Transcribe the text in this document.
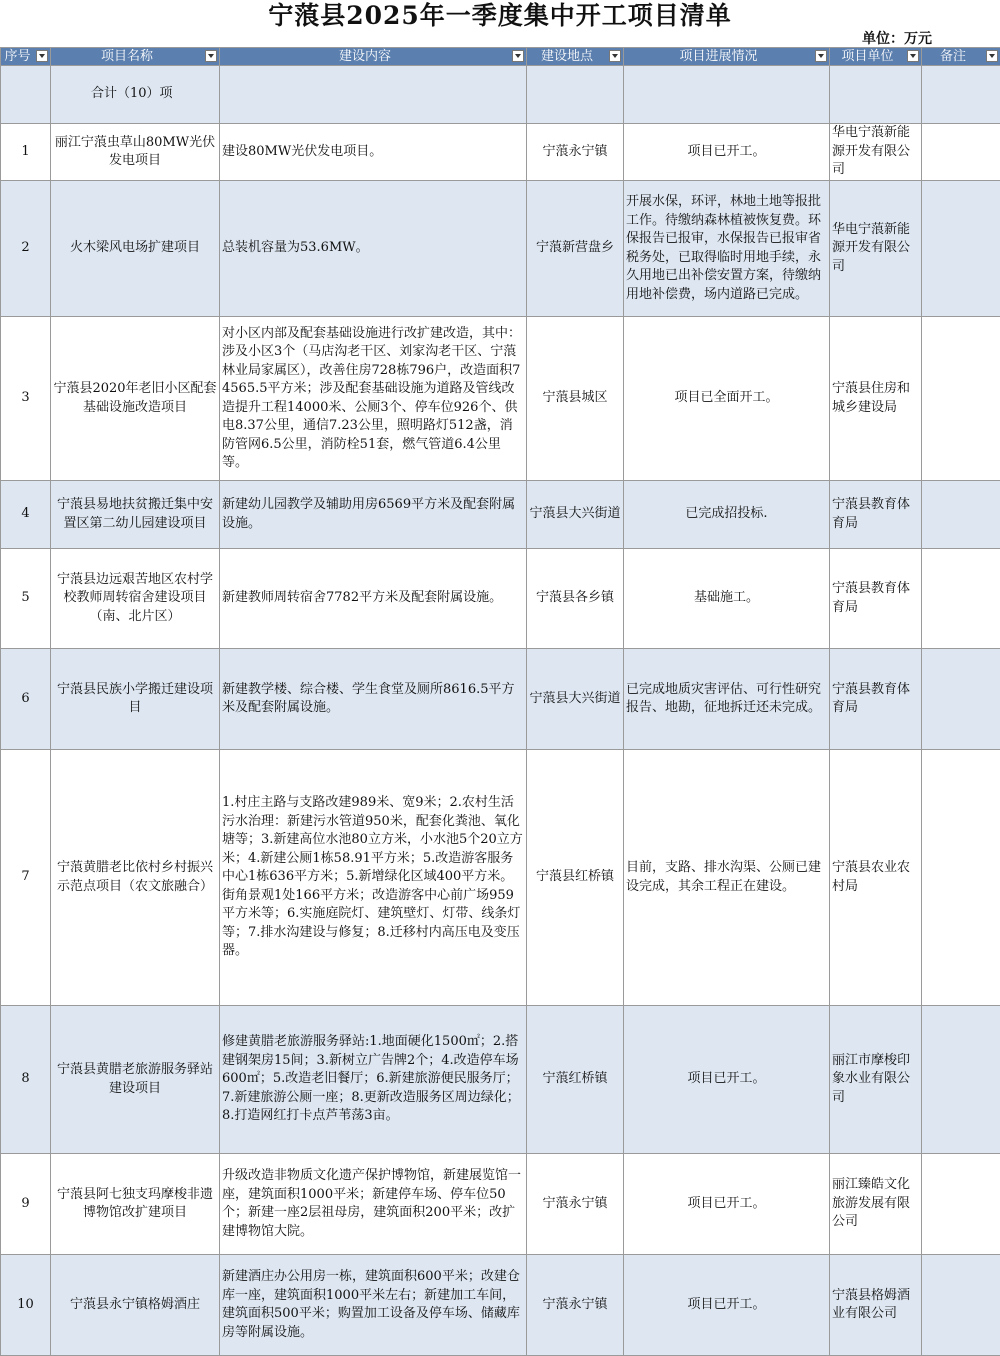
宁蒗县2025年一季度集中开工项目清单
单位：万元
序号	项目名称	建设内容	建设地点	项目进展情况	项目单位	备注

	合计（10）项					
1	丽江宁蒗虫草山80MW光伏发电项目	建设80MW光伏发电项目。	宁蒗永宁镇	项目已开工。	华电宁蒗新能源开发有限公司	
2	火木梁风电场扩建项目	总装机容量为53.6MW。	宁蒗新营盘乡	开展水保，环评，林地土地等报批工作。待缴纳森林植被恢复费。环保报告已报审，水保报告已报审省税务处，已取得临时用地手续，永久用地已出补偿安置方案，待缴纳用地补偿费，场内道路已完成。	华电宁蒗新能源开发有限公司	
3	宁蒗县2020年老旧小区配套基础设施改造项目	对小区内部及配套基础设施进行改扩建改造，其中：涉及小区3个（马店沟老干区、刘家沟老干区、宁蒗林业局家属区），改善住房728栋796户，改造面积74565.5平方米；涉及配套基础设施为道路及管线改造提升工程14000米、公厕3个、停车位926个、供电8.37公里，通信7.23公里，照明路灯512盏，消防管网6.5公里，消防栓51套，燃气管道6.4公里等。	宁蒗县城区	项目已全面开工。	宁蒗县住房和城乡建设局	
4	宁蒗县易地扶贫搬迁集中安置区第二幼儿园建设项目	新建幼儿园教学及辅助用房6569平方米及配套附属设施。	宁蒗县大兴街道	已完成招投标.	宁蒗县教育体育局	
5	宁蒗县边远艰苦地区农村学校教师周转宿舍建设项目（南、北片区）	新建教师周转宿舍7782平方米及配套附属设施。	宁蒗县各乡镇	基础施工。	宁蒗县教育体育局	
6	宁蒗县民族小学搬迁建设项目	新建教学楼、综合楼、学生食堂及厕所8616.5平方米及配套附属设施。	宁蒗县大兴街道	已完成地质灾害评估、可行性研究报告、地勘，征地拆迁还未完成。	宁蒗县教育体育局	
7	宁蒗黄腊老比依村乡村振兴示范点项目（农文旅融合）	1.村庄主路与支路改建989米、宽9米；2.农村生活污水治理：新建污水管道950米，配套化粪池、氧化塘等；3.新建高位水池80立方米，小水池5个20立方米；4.新建公厕1栋58.91平方米；5.改造游客服务中心1栋636平方米；5.新增绿化区域400平方米。街角景观1处166平方米；改造游客中心前广场959平方米等；6.实施庭院灯、建筑壁灯、灯带、线条灯等；7.排水沟建设与修复；8.迁移村内高压电及变压器。	宁蒗县红桥镇	目前，支路、排水沟渠、公厕已建设完成，其余工程正在建设。	宁蒗县农业农村局	
8	宁蒗县黄腊老旅游服务驿站建设项目	修建黄腊老旅游服务驿站:1.地面硬化1500㎡；2.搭建钢架房15间；3.新树立广告牌2个；4.改造停车场600㎡；5.改造老旧餐厅；6.新建旅游便民服务厅；7.新建旅游公厕一座；8.更新改造服务区周边绿化；8.打造网红打卡点芦苇荡3亩。	宁蒗红桥镇	项目已开工。	丽江市摩梭印象水业有限公司	
9	宁蒗县阿七独支玛摩梭非遗博物馆改扩建项目	升级改造非物质文化遗产保护博物馆，新建展览馆一座，建筑面积1000平米；新建停车场、停车位50个；新建一座2层祖母房，建筑面积200平米；改扩建博物馆大院。	宁蒗永宁镇	项目已开工。	丽江臻皓文化旅游发展有限公司	
10	宁蒗县永宁镇格姆酒庄	新建酒庄办公用房一栋，建筑面积600平米；改建仓库一座，建筑面积1000平米左右；新建加工车间，建筑面积500平米；购置加工设备及停车场、储藏库房等附属设施。	宁蒗永宁镇	项目已开工。	宁蒗县格姆酒业有限公司	
